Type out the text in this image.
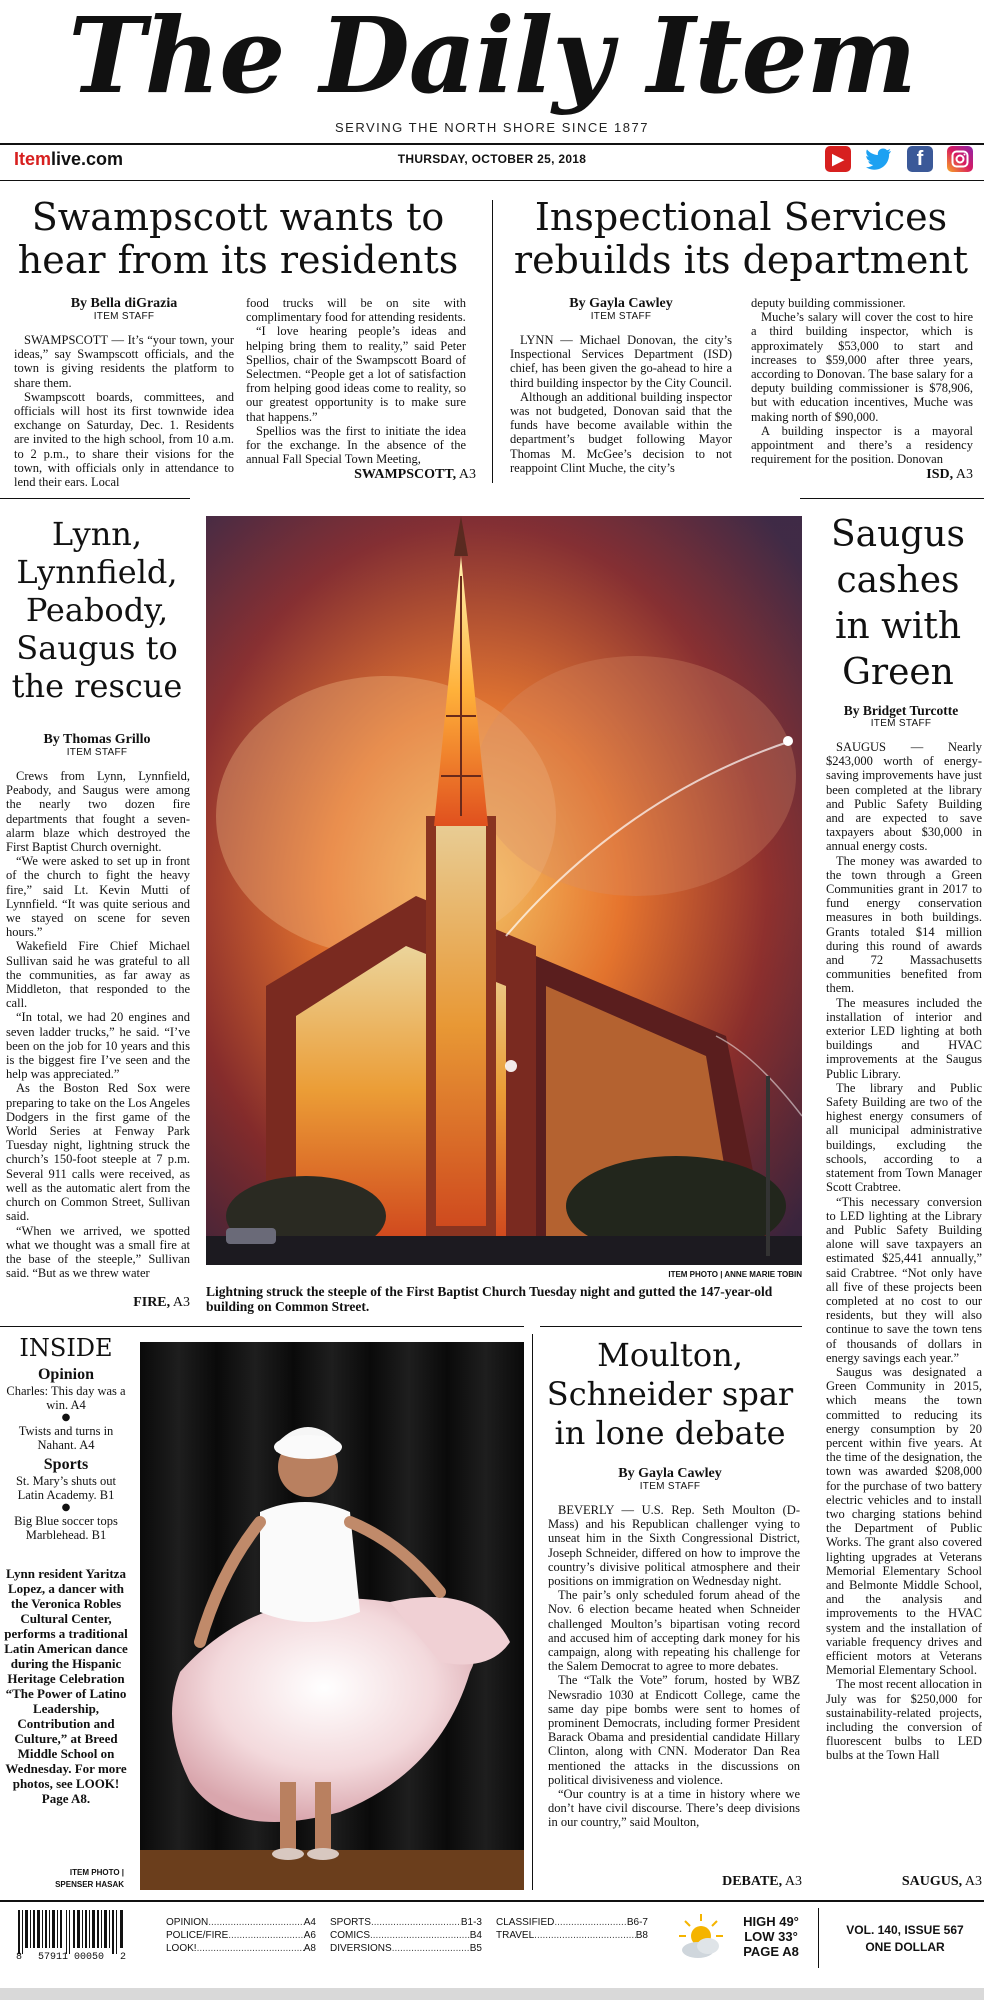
The Daily Item
SERVING THE NORTH SHORE SINCE 1877
Itemlive.com	THURSDAY, OCTOBER 25, 2018	▶	f
Swampscott wants to hear from its residents
By Bella diGrazia
ITEM STAFF

SWAMPSCOTT — It’s “your town, your ideas,” say Swampscott officials, and the town is giving residents the platform to share them.

Swampscott boards, committees, and officials will host its first townwide idea exchange on Saturday, Dec. 1. Residents are invited to the high school, from 10 a.m. to 2 p.m., to share their visions for the town, with officials only in attendance to lend their ears. Local

food trucks will be on site with complimentary food for attending residents.

“I love hearing people’s ideas and helping bring them to reality,” said Peter Spellios, chair of the Swampscott Board of Selectmen. “People get a lot of satisfaction from helping good ideas come to reality, so our greatest opportunity is to make sure that happens.”

Spellios was the first to initiate the idea for the exchange. In the absence of the annual Fall Special Town Meeting,

SWAMPSCOTT, A3
Inspectional Services rebuilds its department
By Gayla Cawley
ITEM STAFF

LYNN — Michael Donovan, the city’s Inspectional Services Department (ISD) chief, has been given the go-ahead to hire a third building inspector by the City Council.

Although an additional building inspector was not budgeted, Donovan said that the funds have become available within the department’s budget following Mayor Thomas M. McGee’s decision to not reappoint Clint Muche, the city’s

deputy building commissioner.

Muche’s salary will cover the cost to hire a third building inspector, which is approximately $53,000 to start and increases to $59,000 after three years, according to Donovan. The base salary for a deputy building commissioner is $78,906, but with education incentives, Muche was making north of $90,000.

A building inspector is a mayoral appointment and there’s a residency requirement for the position. Donovan

ISD, A3
Lynn, Lynnfield, Peabody, Saugus to the rescue
By Thomas Grillo
ITEM STAFF

Crews from Lynn, Lynnfield, Peabody, and Saugus were among the nearly two dozen fire departments that fought a seven-alarm blaze which destroyed the First Baptist Church overnight.

“We were asked to set up in front of the church to fight the heavy fire,” said Lt. Kevin Mutti of Lynnfield. “It was quite serious and we stayed on scene for seven hours.”

Wakefield Fire Chief Michael Sullivan said he was grateful to all the communities, as far away as Middleton, that responded to the call.

“In total, we had 20 engines and seven ladder trucks,” he said. “I’ve been on the job for 10 years and this is the biggest fire I’ve seen and the help was appreciated.”

As the Boston Red Sox were preparing to take on the Los Angeles Dodgers in the first game of the World Series at Fenway Park Tuesday night, lightning struck the church’s 150-foot steeple at 7 p.m. Several 911 calls were received, as well as the automatic alert from the church on Common Street, Sullivan said.

“When we arrived, we spotted what we thought was a small fire at the base of the steeple,” Sullivan said. “But as we threw water

FIRE, A3
ITEM PHOTO | ANNE MARIE TOBIN
Lightning struck the steeple of the First Baptist Church Tuesday night and gutted the 147-year-old building on Common Street.
Saugus cashes in with Green
By Bridget Turcotte
ITEM STAFF

SAUGUS — Nearly $243,000 worth of energy-saving improvements have just been completed at the library and Public Safety Building and are expected to save taxpayers about $30,000 in annual energy costs.

The money was awarded to the town through a Green Communities grant in 2017 to fund energy conservation measures in both buildings. Grants totaled $14 million during this round of awards and 72 Massachusetts communities benefited from them.

The measures included the installation of interior and exterior LED lighting at both buildings and HVAC improvements at the Saugus Public Library.

The library and Public Safety Building are two of the highest energy consumers of all municipal administrative buildings, excluding the schools, according to a statement from Town Manager Scott Crabtree.

“This necessary conversion to LED lighting at the Library and Public Safety Building alone will save taxpayers an estimated $25,441 annually,” said Crabtree. “Not only have all five of these projects been completed at no cost to our residents, but they will also continue to save the town tens of thousands of dollars in energy savings each year.”

Saugus was designated a Green Community in 2015, which means the town committed to reducing its energy consumption by 20 percent within five years. At the time of the designation, the town was awarded $208,000 for the purchase of two battery electric vehicles and to install two charging stations behind the Department of Public Works. The grant also covered lighting upgrades at Veterans Memorial Elementary School and Belmonte Middle School, and the analysis and improvements to the HVAC system and the installation of variable frequency drives and efficient motors at Veterans Memorial Elementary School.

The most recent allocation in July was for $250,000 for sustainability-related projects, including the conversion of fluorescent bulbs to LED bulbs at the Town Hall

SAUGUS, A3
INSIDE
Opinion
Charles: This day was a win. A4
●
Twists and turns in Nahant. A4
Sports
St. Mary’s shuts out Latin Academy. B1
●
Big Blue soccer tops Marblehead. B1
Lynn resident Yaritza Lopez, a dancer with the Veronica Robles Cultural Center, performs a traditional Latin American dance during the Hispanic Heritage Celebration “The Power of Latino Leadership, Contribution and Culture,” at Breed Middle School on Wednesday. For more photos, see LOOK! Page A8.
ITEM PHOTO |
SPENSER HASAK
Moulton, Schneider spar in lone debate
By Gayla Cawley
ITEM STAFF

BEVERLY — U.S. Rep. Seth Moulton (D-Mass) and his Republican challenger vying to unseat him in the Sixth Congressional District, Joseph Schneider, differed on how to improve the country’s divisive political atmosphere and their positions on immigration on Wednesday night.

The pair’s only scheduled forum ahead of the Nov. 6 election became heated when Schneider challenged Moulton’s bipartisan voting record and accused him of accepting dark money for his campaign, along with repeating his challenge for the Salem Democrat to agree to more debates.

The “Talk the Vote” forum, hosted by WBZ Newsradio 1030 at Endicott College, came the same day pipe bombs were sent to homes of prominent Democrats, including former President Barack Obama and presidential candidate Hillary Clinton, along with CNN. Moderator Dan Rea mentioned the attacks in the discussions on political divisiveness and violence.

“Our country is at a time in history where we don’t have civil discourse. There’s deep divisions in our country,” said Moulton,

DEBATE, A3
8 57911 00050 2
OPINION .....	A4
POLICE/FIRE .....	A6
LOOK! .....	A8
SPORTS .....	B1-3
COMICS .....	B4
DIVERSIONS .....	B5
CLASSIFIED .....	B6-7
TRAVEL .....	B8
HIGH 49°
LOW 33°
PAGE A8
VOL. 140, ISSUE 567
ONE DOLLAR
